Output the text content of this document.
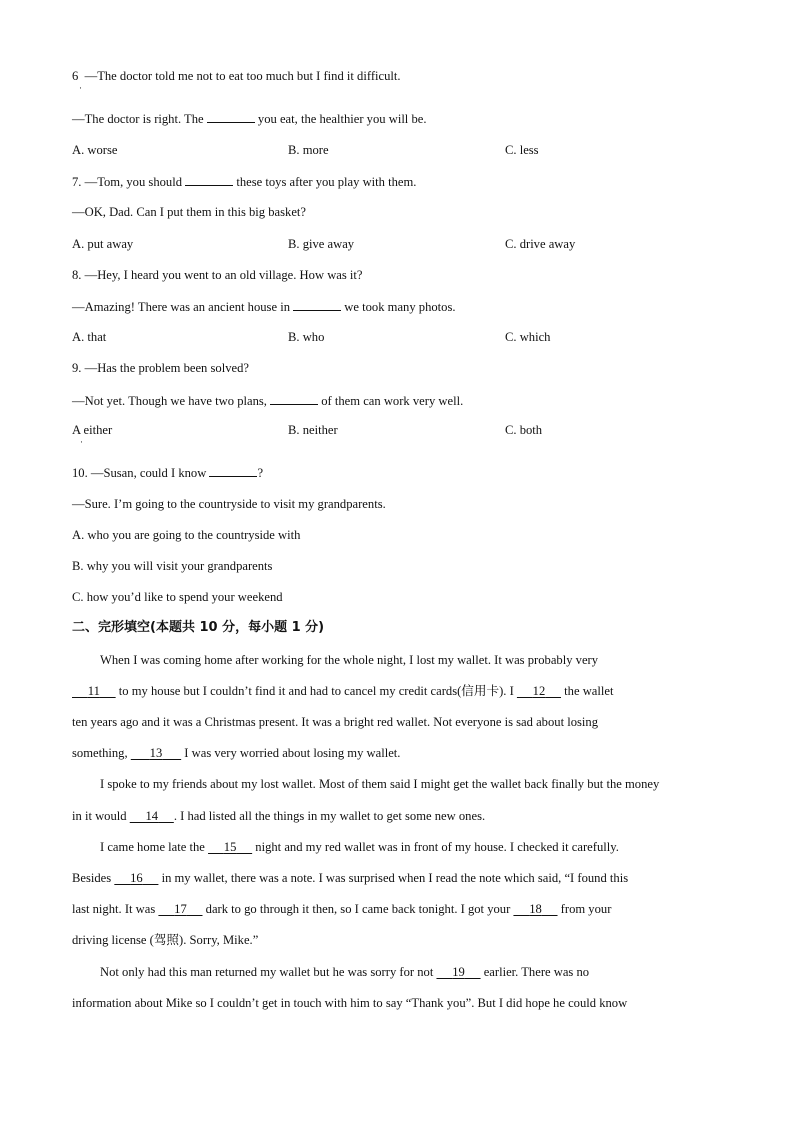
6 —The doctor told me not to eat too much but I find it difficult.
·
—The doctor is right. The	you eat, the healthier you will be.
A. worse	B. more	C. less
7. —Tom, you should	these toys after you play with them.
—OK, Dad. Can I put them in this big basket?
A. put away	B. give away	C. drive away
8. —Hey, I heard you went to an old village. How was it?
—Amazing! There was an ancient house in	we took many photos.
A. that	B. who	C. which
9. —Has the problem been solved?
—Not yet. Though we have two plans,	of them can work very well.
A either
·
B. neither	C. both
10. —Susan, could I know	?
—Sure. I’m going to the countryside to visit my grandparents.
A. who you are going to the countryside with
B. why you will visit your grandparents
C. how you’d like to spend your weekend
二、完形填空(本题共 10 分，每小题 1 分)
When I was coming home after working for the whole night, I lost my wallet. It was probably very
11      to my house but I couldn’t find it and had to cancel my credit cards(信用卡). I      12      the wallet
ten years ago and it was a Christmas present. It was a bright red wallet. Not everyone is sad about losing
something,       13       I was very worried about losing my wallet.
I spoke to my friends about my lost wallet. Most of them said I might get the wallet back finally but the money
in it would      14 . I had listed all the things in my wallet to get some new ones.
I came home late the      15      night and my red wallet was in front of my house. I checked it carefully.
Besides      16      in my wallet, there was a note. I was surprised when I read the note which said, “I found this
last night. It was      17      dark to go through it then, so I came back tonight. I got your      18      from your
driving license (驾照). Sorry, Mike.”
Not only had this man returned my wallet but he was sorry for not      19      earlier. There was no
information about Mike so I couldn’t get in touch with him to say “Thank you”. But I did hope he could know
